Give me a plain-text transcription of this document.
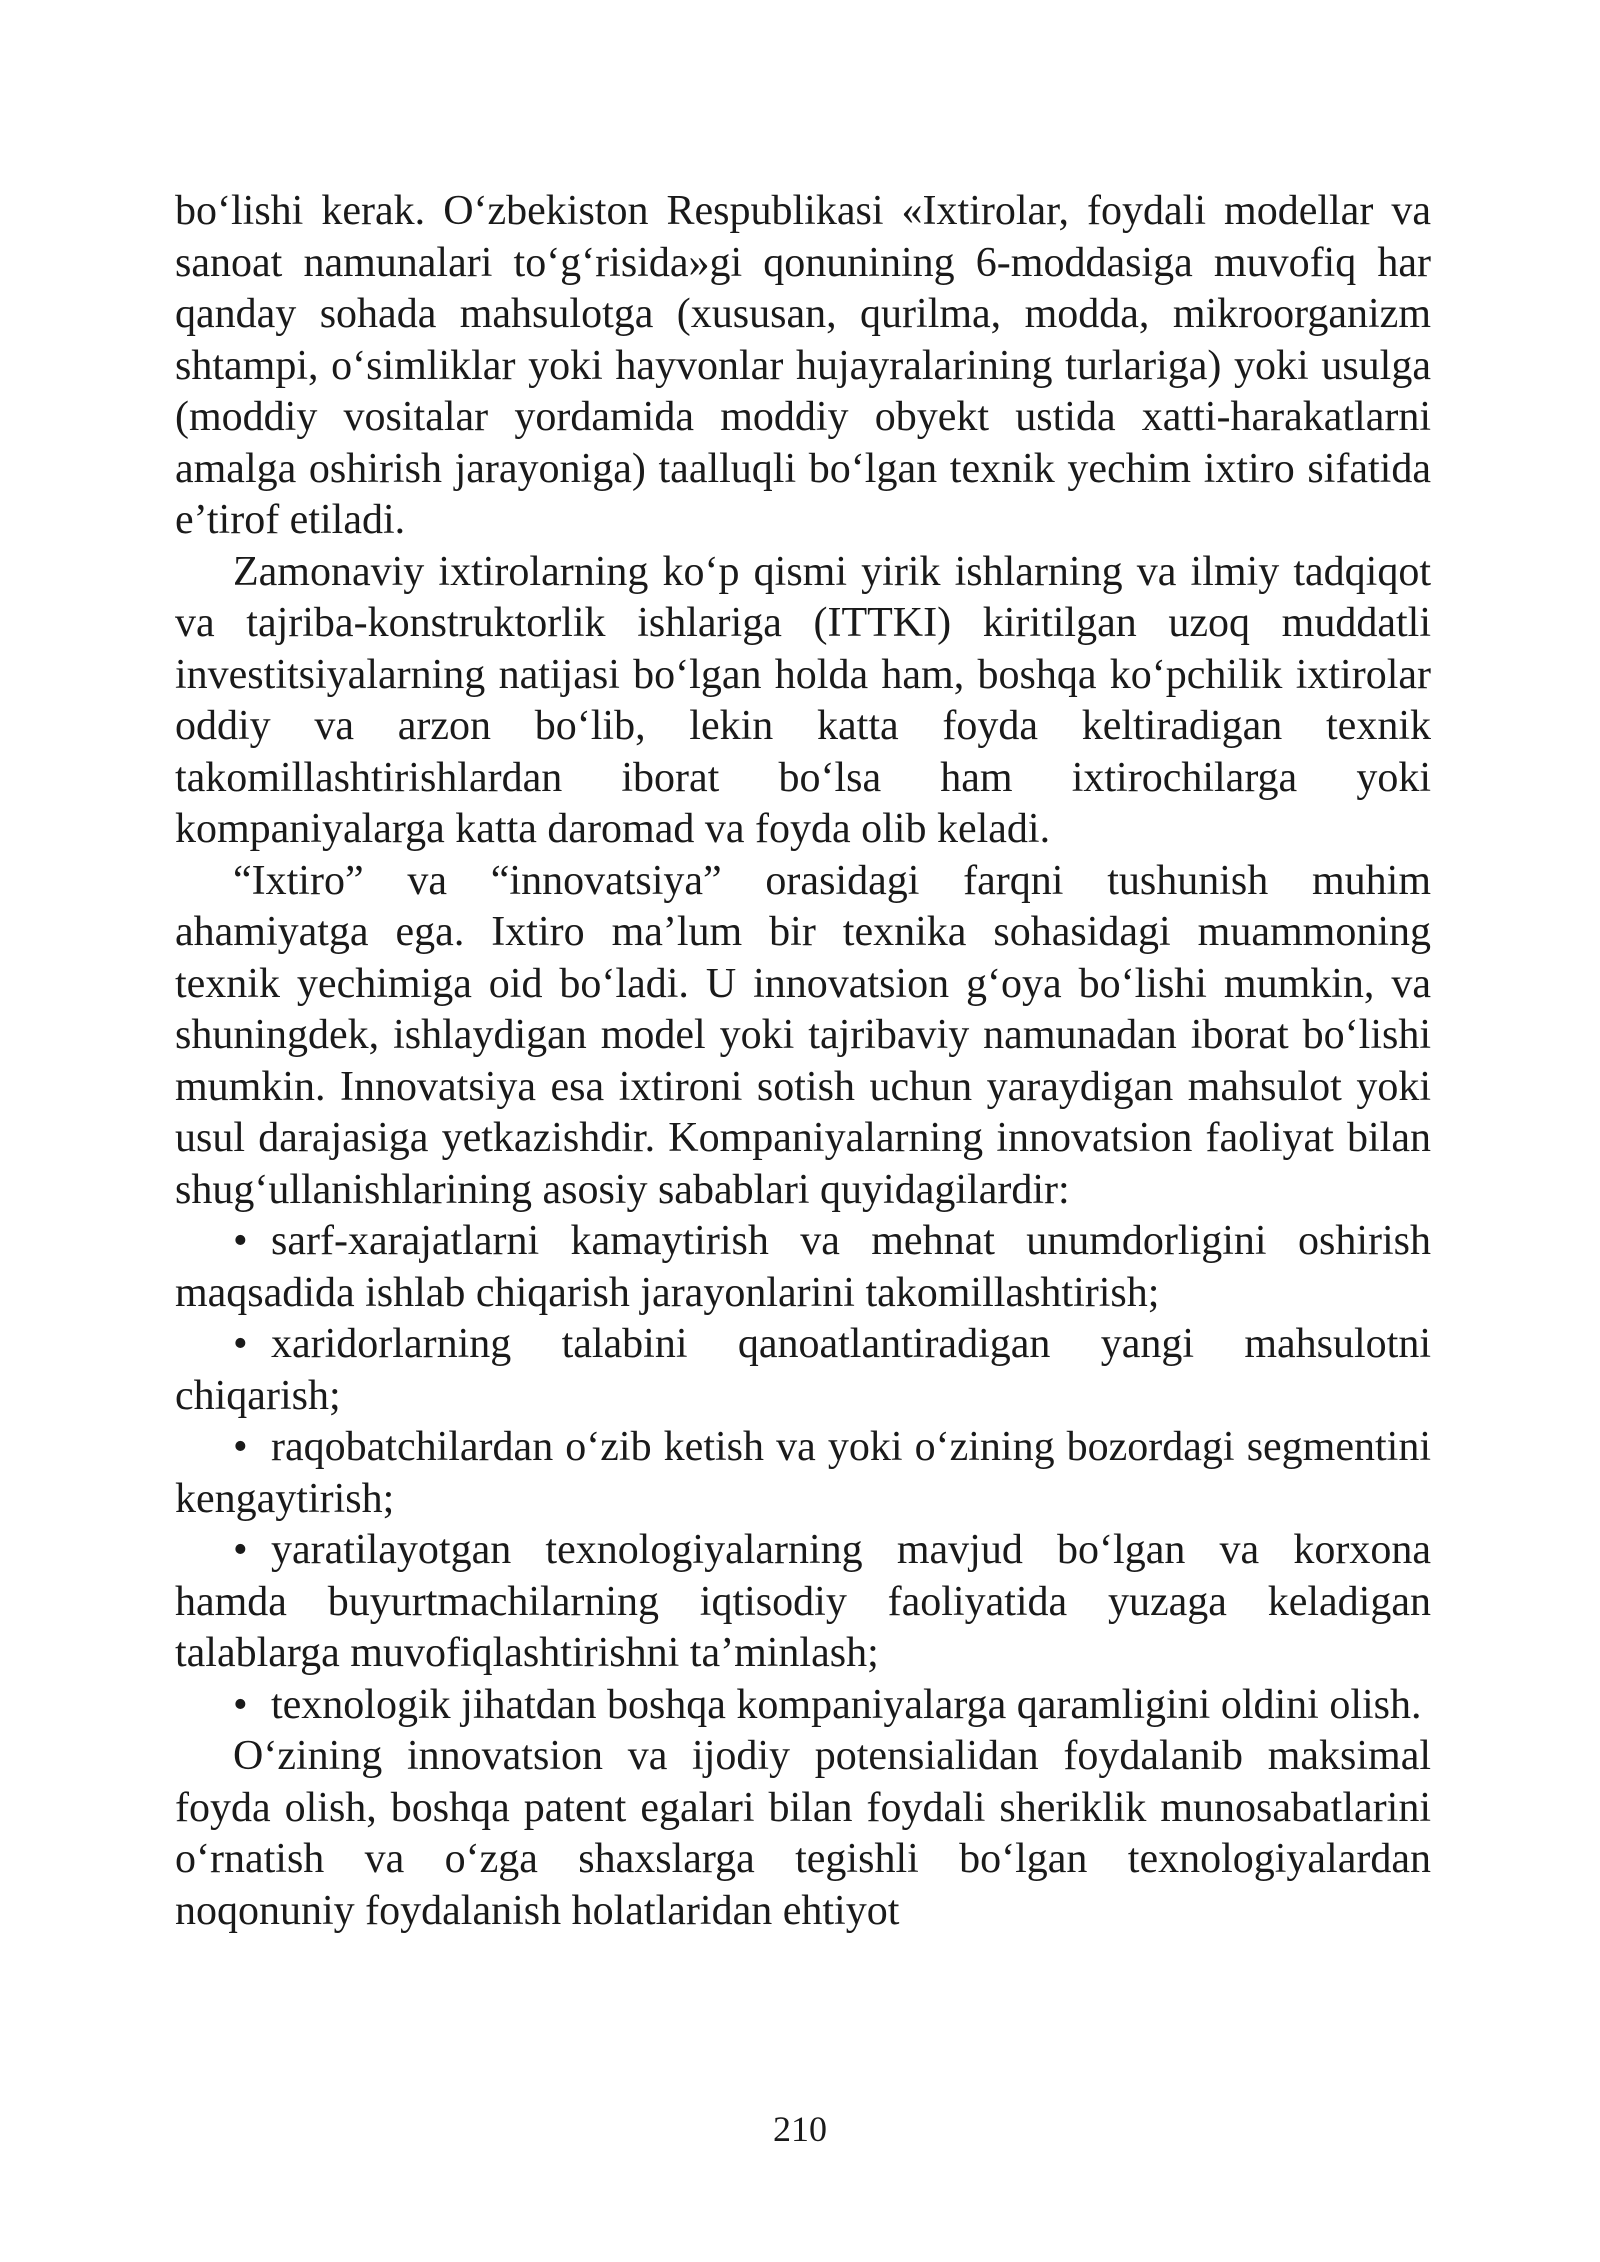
bo‘lishi kerak. O‘zbekiston Respublikasi «Ixtirolar, foydali modellar va sanoat namunalari to‘g‘risida»gi qonunining 6-moddasiga muvofiq har qanday sohada mahsulotga (xususan, qurilma, modda, mikroorganizm shtampi, o‘simliklar yoki hayvonlar hujayralarining turlariga) yoki usulga (moddiy vositalar yordamida moddiy obyekt ustida xatti-harakatlarni amalga oshirish jarayoniga) taalluqli bo‘lgan texnik yechim ixtiro sifatida e’tirof etiladi.

Zamonaviy ixtirolarning ko‘p qismi yirik ishlarning va ilmiy tadqiqot va tajriba-konstruktorlik ishlariga (ITTKI) kiritilgan uzoq muddatli investitsiyalarning natijasi bo‘lgan holda ham, boshqa ko‘pchilik ixtirolar oddiy va arzon bo‘lib, lekin katta foyda keltiradigan texnik takomillashtirishlardan iborat bo‘lsa ham ixtirochilarga yoki kompaniyalarga katta daromad va foyda olib keladi.

“Ixtiro” va “innovatsiya” orasidagi farqni tushunish muhim ahamiyatga ega. Ixtiro ma’lum bir texnika sohasidagi muammoning texnik yechimiga oid bo‘ladi. U innovatsion g‘oya bo‘lishi mumkin, va shuningdek, ishlaydigan model yoki tajribaviy namunadan iborat bo‘lishi mumkin. Innovatsiya esa ixtironi sotish uchun yaraydigan mahsulot yoki usul darajasiga yetkazishdir. Kompaniyalarning innovatsion faoliyat bilan shug‘ullanishlarining asosiy sabablari quyidagilardir:

• sarf-xarajatlarni kamaytirish va mehnat unumdorligini oshirish maqsadida ishlab chiqarish jarayonlarini takomillashtirish;

• xaridorlarning talabini qanoatlantiradigan yangi mahsulotni chiqarish;

• raqobatchilardan o‘zib ketish va yoki o‘zining bozordagi segmentini kengaytirish;

• yaratilayotgan texnologiyalarning mavjud bo‘lgan va korxona hamda buyurtmachilarning iqtisodiy faoliyatida yuzaga keladigan talablarga muvofiqlashtirishni ta’minlash;

• texnologik jihatdan boshqa kompaniyalarga qaramligini oldini olish.

O‘zining innovatsion va ijodiy potensialidan foydalanib maksimal foyda olish, boshqa patent egalari bilan foydali sheriklik munosabatlarini o‘rnatish va o‘zga shaxslarga tegishli bo‘lgan texnologiyalardan noqonuniy foydalanish holatlaridan ehtiyot

210
